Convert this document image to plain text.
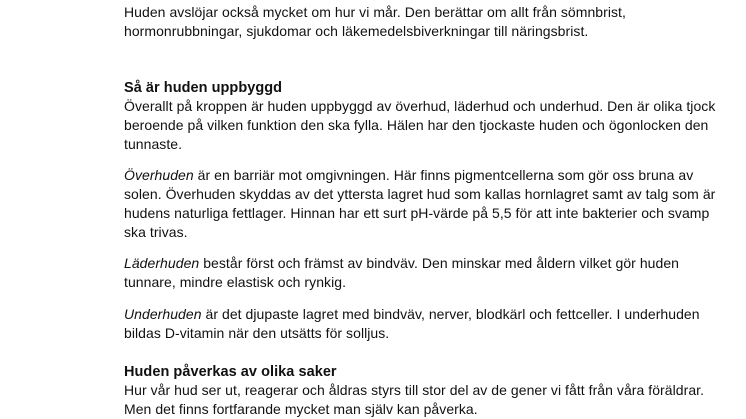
Huden avslöjar också mycket om hur vi mår. Den berättar om allt från sömnbrist, hormonrubbningar, sjukdomar och läkemedelsbiverkningar till näringsbrist.

Så är huden uppbyggd

Överallt på kroppen är huden uppbyggd av överhud, läderhud och underhud. Den är olika tjock beroende på vilken funktion den ska fylla. Hälen har den tjockaste huden och ögonlocken den tunnaste.

Överhuden är en barriär mot omgivningen. Här finns pigmentcellerna som gör oss bruna av solen. Överhuden skyddas av det yttersta lagret hud som kallas hornlagret samt av talg som är hudens naturliga fettlager. Hinnan har ett surt pH-värde på 5,5 för att inte bakterier och svamp ska trivas.

Läderhuden består först och främst av bindväv. Den minskar med åldern vilket gör huden tunnare, mindre elastisk och rynkig.

Underhuden är det djupaste lagret med bindväv, nerver, blodkärl och fettceller. I underhuden bildas D-vitamin när den utsätts för solljus.

Huden påverkas av olika saker

Hur vår hud ser ut, reagerar och åldras styrs till stor del av de gener vi fått från våra föräldrar. Men det finns fortfarande mycket man själv kan påverka.
